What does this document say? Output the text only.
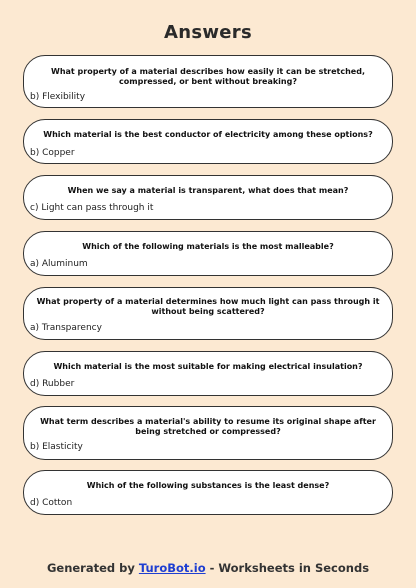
Answers
What property of a material describes how easily it can be stretched, compressed, or bent without breaking?
b) Flexibility
Which material is the best conductor of electricity among these options?
b) Copper
When we say a material is transparent, what does that mean?
c) Light can pass through it
Which of the following materials is the most malleable?
a) Aluminum
What property of a material determines how much light can pass through it without being scattered?
a) Transparency
Which material is the most suitable for making electrical insulation?
d) Rubber
What term describes a material's ability to resume its original shape after being stretched or compressed?
b) Elasticity
Which of the following substances is the least dense?
d) Cotton
Generated by TuroBot.io - Worksheets in Seconds
